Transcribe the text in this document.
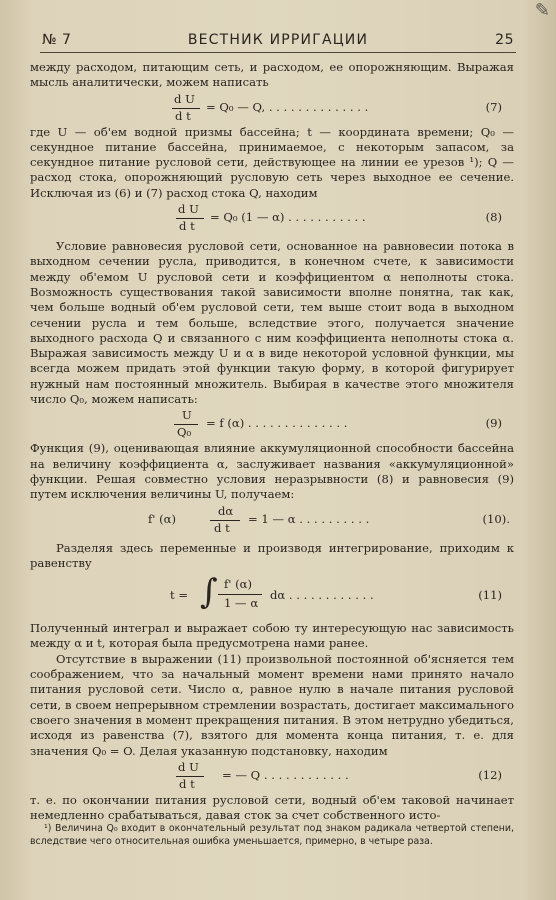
✎
№ 7	ВЕСТНИК ИРРИГАЦИИ	25

между расходом, питающим сеть, и расходом, ее опорожняющим. Выражая мысль аналитически, можем написать

d U
d t
= Q₀ — Q, . . . . . . . . . . . . . .	(7)

где U — об'ем водной призмы бассейна; t — координата времени; Q₀ — секундное питание бассейна, принимаемое, с некоторым запасом, за секундное питание русловой сети, действующее на линии ее урезов ¹); Q — расход стока, опорожняющий русловую сеть через выходное ее сечение. Исключая из (6) и (7) расход стока Q, находим

d U
d t
= Q₀ (1 — α) . . . . . . . . . . .	(8)

Условие равновесия русловой сети, основанное на равновесии потока в выходном сечении русла, приводится, в конечном счете, к зависимости между об'емом U русловой сети и коэффициентом α неполноты стока. Возможность существования такой зависимости вполне понятна, так как, чем больше водный об'ем русловой сети, тем выше стоит вода в выходном сечении русла и тем больше, вследствие этого, получается значение выходного расхода Q и связанного с ним коэффициента неполноты стока α. Выражая зависимость между U и α в виде некоторой условной функции, мы всегда можем придать этой функции такую форму, в которой фигурирует нужный нам постоянный множитель. Выбирая в качестве этого множителя число Q₀, можем написать:

U
Q₀
= f (α) . . . . . . . . . . . . . .	(9)

Функция (9), оценивающая влияние аккумуляционной способности бассейна на величину коэффициента α, заслуживает названия «аккумуляционной» функции. Решая совместно условия неразрывности (8) и равновесия (9) путем исключения величины U, получаем:

f' (α)
dα
d t
= 1 — α . . . . . . . . . .	(10).

Разделяя здесь переменные и производя интегрирование, приходим к равенству

t = ∫ f' (α)
1 — α
dα . . . . . . . . . . . .	(11)

Полученный интеграл и выражает собою ту интересующую нас зависимость между α и t, которая была предусмотрена нами ранее.

Отсутствие в выражении (11) произвольной постоянной об'ясняется тем соображением, что за начальный момент времени нами принято начало питания русловой сети. Число α, равное нулю в начале питания русловой сети, в своем непрерывном стремлении возрастать, достигает максимального своего значения в момент прекращения питания. В этом нетрудно убедиться, исходя из равенства (7), взятого для момента конца питания, т. е. для значения Q₀ = O. Делая указанную подстановку, находим

d U
d t
= — Q . . . . . . . . . . . .	(12)

т. е. по окончании питания русловой сети, водный об'ем таковой начинает немедленно срабатываться, давая сток за счет собственного исто-

¹) Величина Q₀ входит в окончательный результат под знаком радикала четвертой степени, вследствие чего относительная ошибка уменьшается, примерно, в четыре раза.
